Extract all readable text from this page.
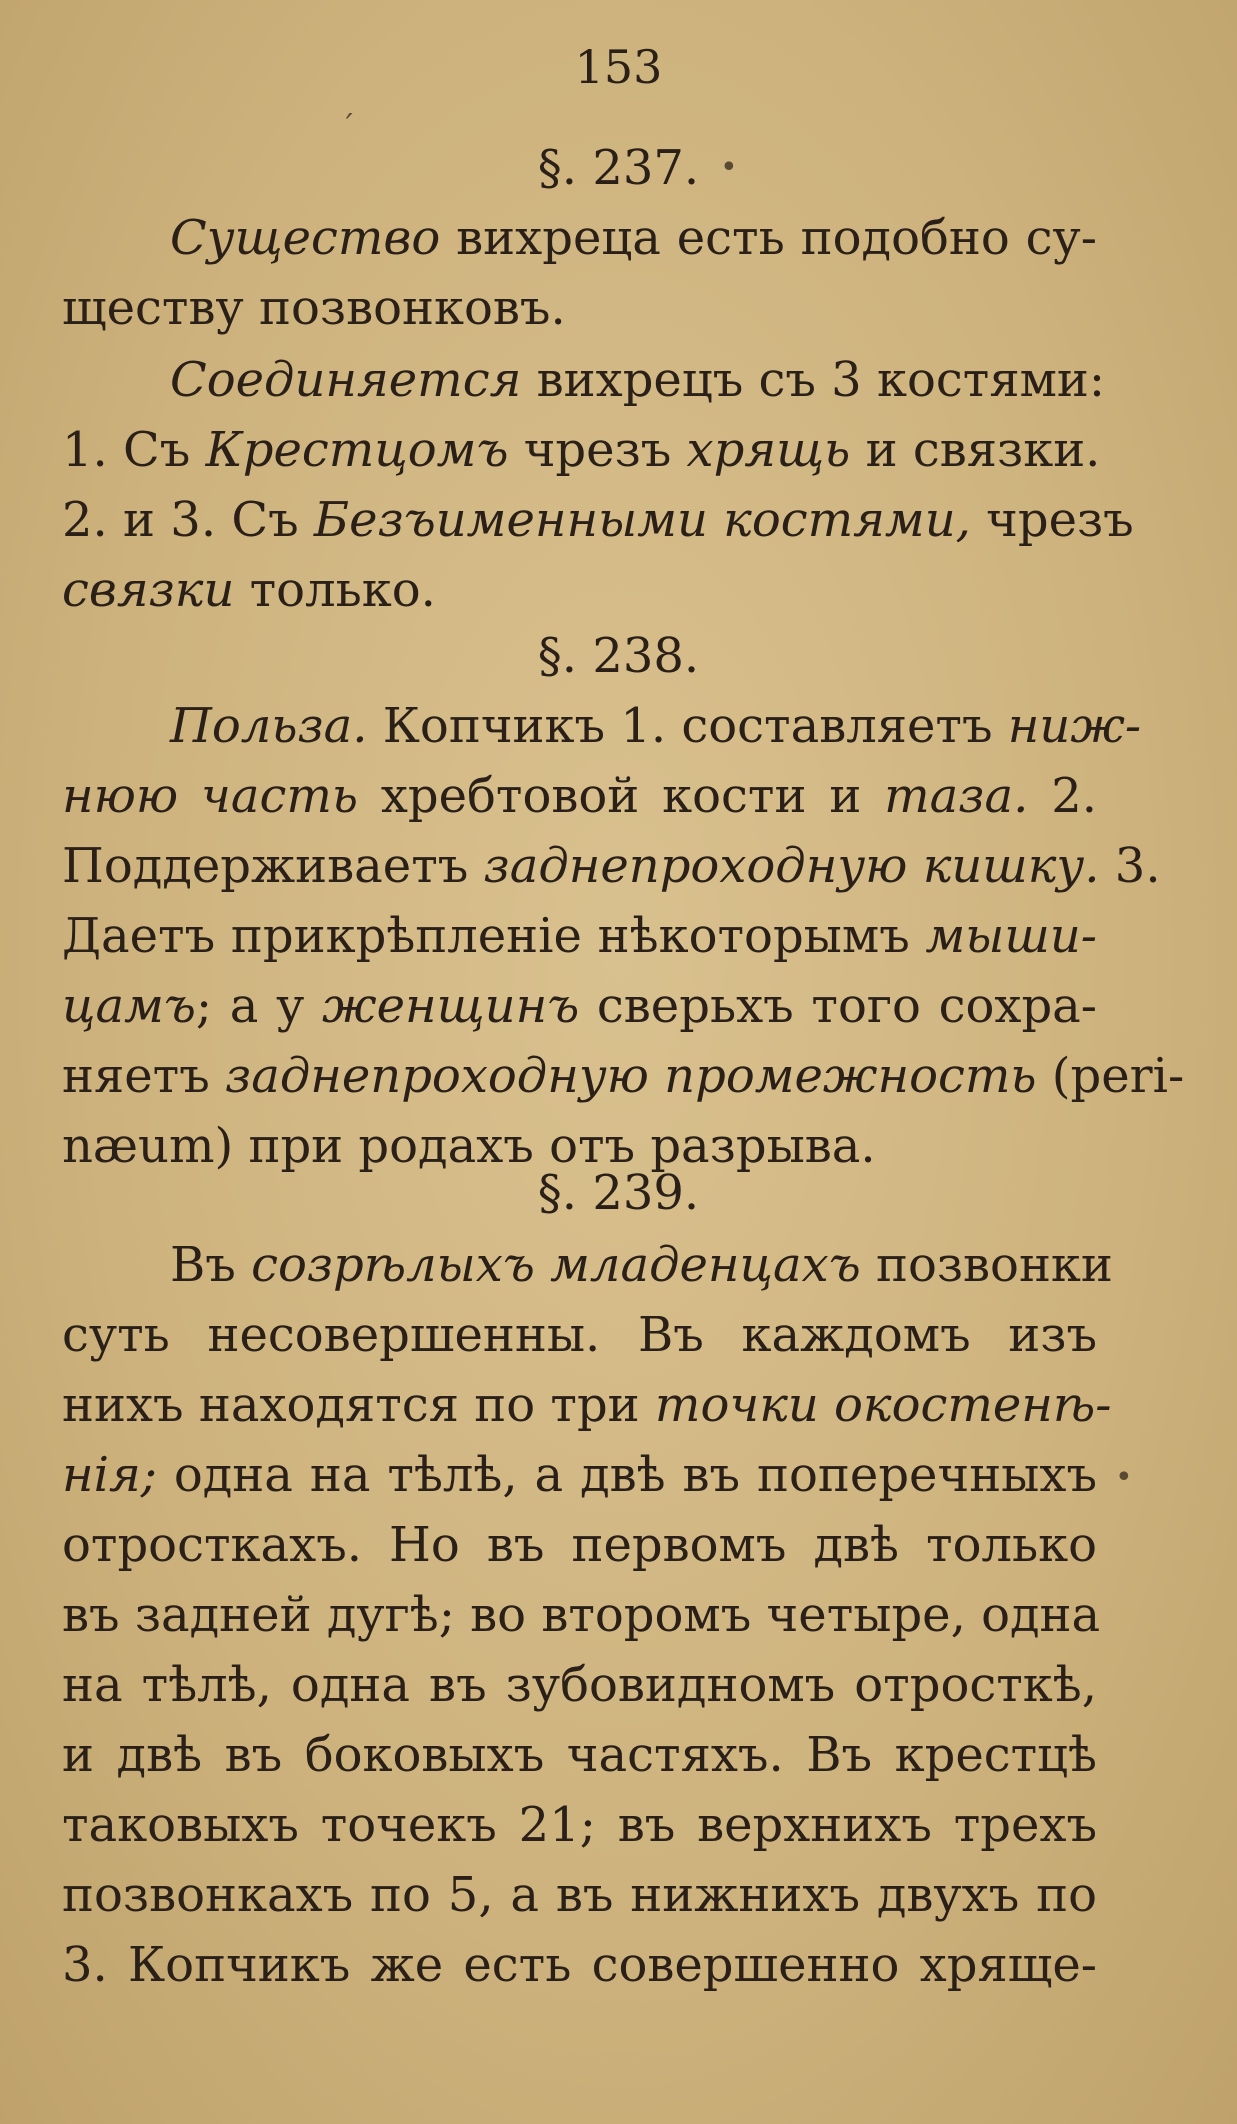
153
§. 237.
Существо вихреца есть подобно су-
ществу позвонковъ.
Соединяется вихрецъ съ 3 костями:
1. Съ Крестцомъ чрезъ хрящь и связки.
2. и 3. Съ Безъименными костями, чрезъ
связки только.
§. 238.
Польза. Копчикъ 1. составляетъ ниж-
нюю часть хребтовой кости и таза. 2.
Поддерживаетъ заднепроходную кишку. 3.
Даетъ прикрѣпленіе нѣкоторымъ мыши-
цамъ; а у женщинъ сверьхъ того сохра-
няетъ заднепроходную промежность (peri-
næum) при родахъ отъ разрыва.
§. 239.
Въ созрѣлыхъ младенцахъ позвонки
суть несовершенны. Въ каждомъ изъ
нихъ находятся по три точки окостенѣ-
нія; одна на тѣлѣ, а двѣ въ поперечныхъ
отросткахъ. Но въ первомъ двѣ только
въ задней дугѣ; во второмъ четыре, одна
на тѣлѣ, одна въ зубовидномъ отросткѣ,
и двѣ въ боковыхъ частяхъ. Въ крестцѣ
таковыхъ точекъ 21; въ верхнихъ трехъ
позвонкахъ по 5, а въ нижнихъ двухъ по
3. Копчикъ же есть совершенно хряще-
•
´
•
